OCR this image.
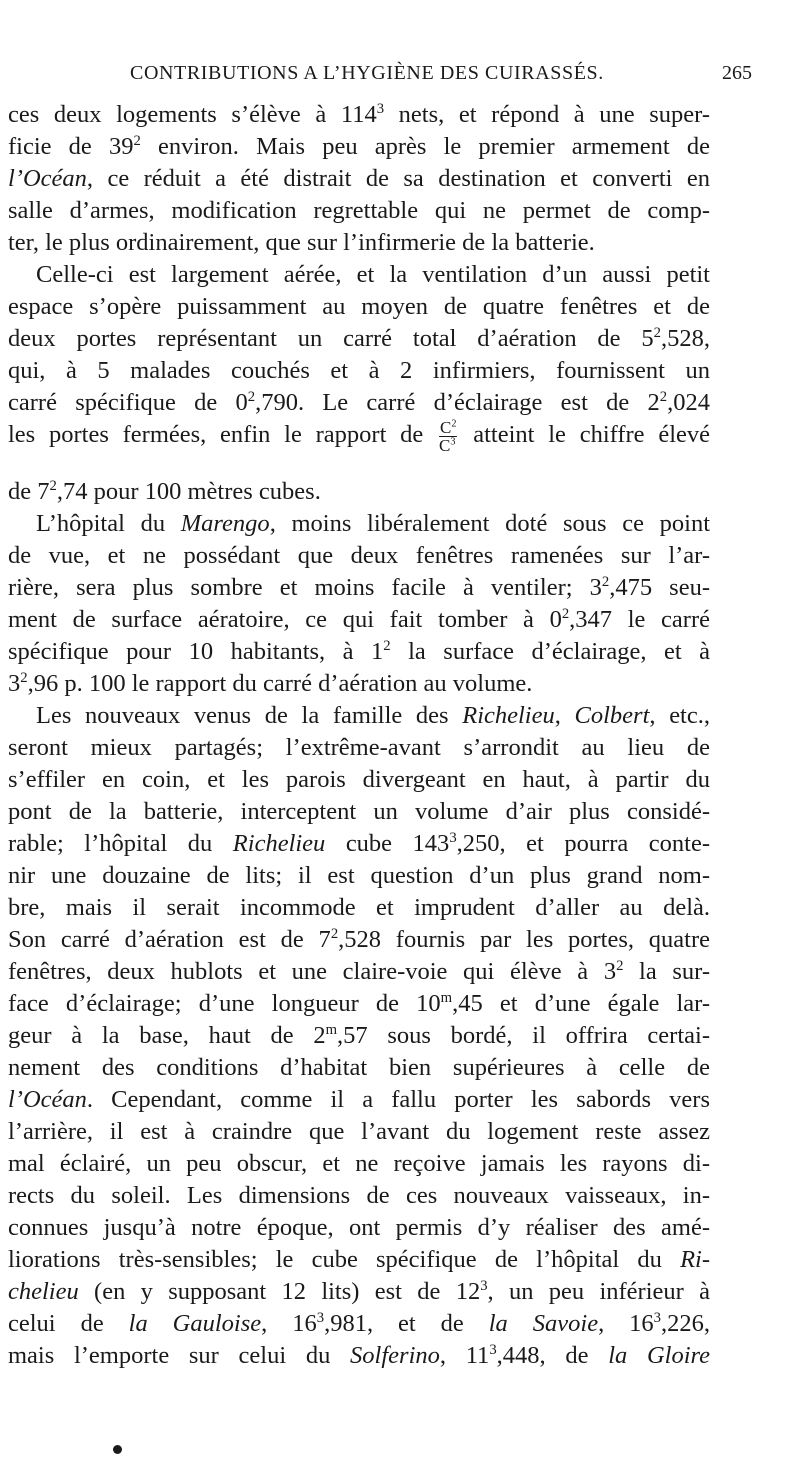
CONTRIBUTIONS A L’HYGIÈNE DES CUIRASSÉS.	265
ces deux logements s’élève à $114^3$ nets, et répond à une super-
ficie de $39^2$ environ. Mais peu après le premier armement de
l’Océan, ce réduit a été distrait de sa destination et converti en
salle d’armes, modification regrettable qui ne permet de comp-
ter, le plus ordinairement, que sur l’infirmerie de la batterie.
Celle-ci est largement aérée, et la ventilation d’un aussi petit
espace s’opère puissamment au moyen de quatre fenêtres et de
deux portes représentant un carré total d’aération de $5^2,528$,
qui, à 5 malades couchés et à 2 infirmiers, fournissent un
carré spécifique de $0^2,790$. Le carré d’éclairage est de $2^2,024$
les portes fermées, enfin le rapport de $\frac{C^2}{C^3}$ atteint le chiffre élevé
de $7^2,74$ pour 100 mètres cubes.
L’hôpital du Marengo, moins libéralement doté sous ce point
de vue, et ne possédant que deux fenêtres ramenées sur l’ar-
rière, sera plus sombre et moins facile à ventiler; $3^2,475$ seu-
ment de surface aératoire, ce qui fait tomber à $0^2,347$ le carré
spécifique pour 10 habitants, à $1^2$ la surface d’éclairage, et à
$3^2,96$ p. 100 le rapport du carré d’aération au volume.
Les nouveaux venus de la famille des Richelieu, Colbert, etc.,
seront mieux partagés; l’extrême-avant s’arrondit au lieu de
s’effiler en coin, et les parois divergeant en haut, à partir du
pont de la batterie, interceptent un volume d’air plus considé-
rable; l’hôpital du Richelieu cube $143^3,250$, et pourra conte-
nir une douzaine de lits; il est question d’un plus grand nom-
bre, mais il serait incommode et imprudent d’aller au delà.
Son carré d’aération est de $7^2,528$ fournis par les portes, quatre
fenêtres, deux hublots et une claire-voie qui élève à $3^2$ la sur-
face d’éclairage; d’une longueur de 10$^m$,45 et d’une égale lar-
geur à la base, haut de 2$^m$,57 sous bordé, il offrira certai-
nement des conditions d’habitat bien supérieures à celle de
l’Océan. Cependant, comme il a fallu porter les sabords vers
l’arrière, il est à craindre que l’avant du logement reste assez
mal éclairé, un peu obscur, et ne reçoive jamais les rayons di-
rects du soleil. Les dimensions de ces nouveaux vaisseaux, in-
connues jusqu’à notre époque, ont permis d’y réaliser des amé-
liorations très-sensibles; le cube spécifique de l’hôpital du Ri-
chelieu (en y supposant 12 lits) est de $12^3$, un peu inférieur à
celui de la Gauloise, $16^3,981$, et de la Savoie, $16^3,226$,
mais l’emporte sur celui du Solferino, $11^3,448$, de la Gloire
